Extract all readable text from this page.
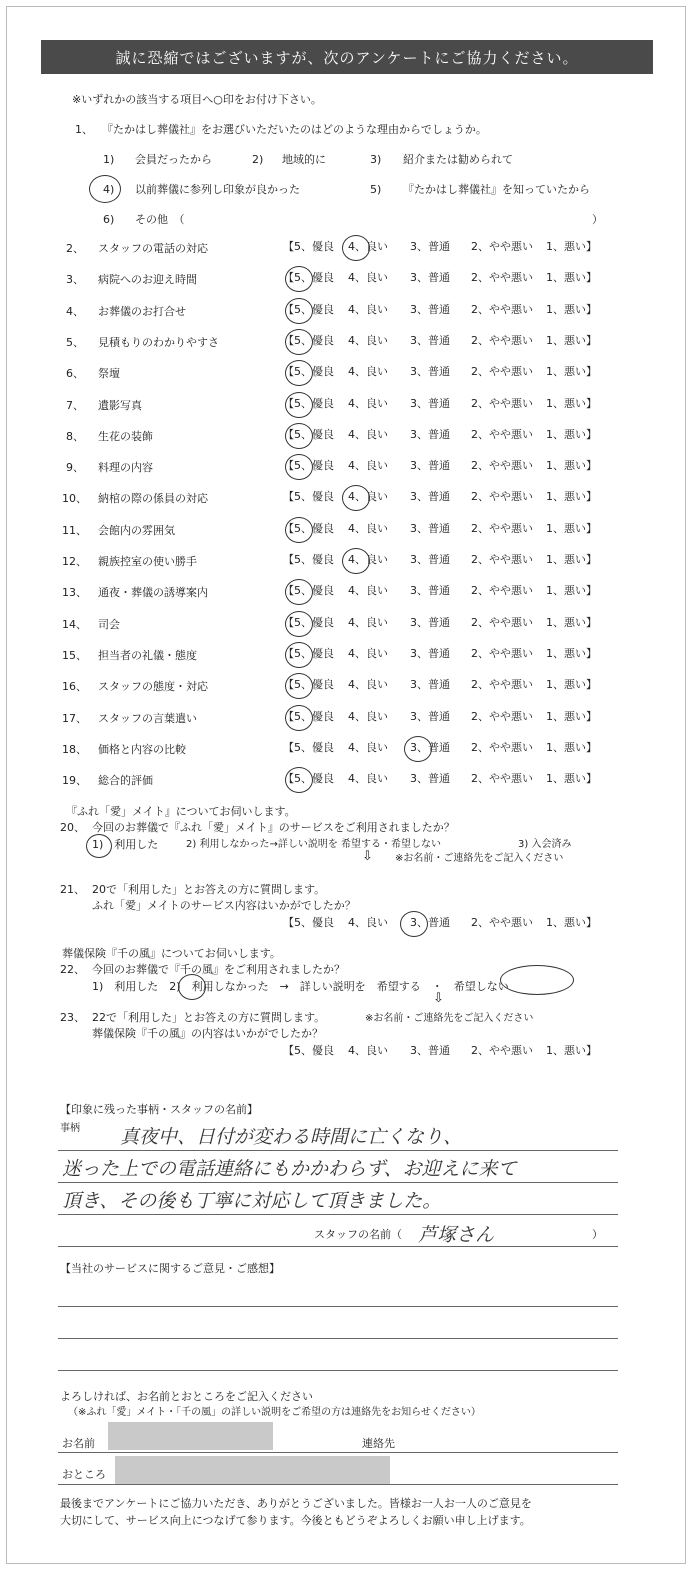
誠に恐縮ではございますが、次のアンケートにご協力ください。
※いずれかの該当する項目へ○印をお付け下さい。
1、 『たかはし葬儀社』をお選びいただいたのはどのような理由からでしょうか。
1) 会員だったから	2) 地域的に	3) 紹介または勧められて
4) 以前葬儀に参列し印象が良かった	5) 『たかはし葬儀社』を知っていたから
6) その他　（	）
2、 スタッフの電話の対応	【5、優良 4、良い 3、普通 2、やや悪い 1、悪い】
3、 病院へのお迎え時間	【5、優良 4、良い 3、普通 2、やや悪い 1、悪い】
4、 お葬儀のお打合せ	【5、優良 4、良い 3、普通 2、やや悪い 1、悪い】
5、 見積もりのわかりやすさ	【5、優良 4、良い 3、普通 2、やや悪い 1、悪い】
6、 祭壇	【5、優良 4、良い 3、普通 2、やや悪い 1、悪い】
7、 遺影写真	【5、優良 4、良い 3、普通 2、やや悪い 1、悪い】
8、 生花の装飾	【5、優良 4、良い 3、普通 2、やや悪い 1、悪い】
9、 料理の内容	【5、優良 4、良い 3、普通 2、やや悪い 1、悪い】
10、 納棺の際の係員の対応	【5、優良 4、良い 3、普通 2、やや悪い 1、悪い】
11、 会館内の雰囲気	【5、優良 4、良い 3、普通 2、やや悪い 1、悪い】
12、 親族控室の使い勝手	【5、優良 4、良い 3、普通 2、やや悪い 1、悪い】
13、 通夜・葬儀の誘導案内	【5、優良 4、良い 3、普通 2、やや悪い 1、悪い】
14、 司会	【5、優良 4、良い 3、普通 2、やや悪い 1、悪い】
15、 担当者の礼儀・態度	【5、優良 4、良い 3、普通 2、やや悪い 1、悪い】
16、 スタッフの態度・対応	【5、優良 4、良い 3、普通 2、やや悪い 1、悪い】
17、 スタッフの言葉遣い	【5、優良 4、良い 3、普通 2、やや悪い 1、悪い】
18、 価格と内容の比較	【5、優良 4、良い 3、普通 2、やや悪い 1、悪い】
19、 総合的評価	【5、優良 4、良い 3、普通 2、やや悪い 1、悪い】
『ふれ「愛」メイト』についてお伺いします。
20、 今回のお葬儀で『ふれ「愛」メイト』のサービスをご利用されましたか？
1)　利用した	2) 利用しなかった→詳しい説明を 希望する・希望しない	3) 入会済み
⇩ ※お名前・ご連絡先をご記入ください
21、 20で「利用した」とお答えの方に質問します。
ふれ「愛」メイトのサービス内容はいかがでしたか？
【5、優良 4、良い 3、普通 2、やや悪い 1、悪い】
葬儀保険『千の風』についてお伺いします。
22、 今回のお葬儀で『千の風』をご利用されましたか？
1)　利用した　2)　利用しなかった　→　詳しい説明を　希望する　・　希望しない
⇩
23、 22で「利用した」とお答えの方に質問します。	※お名前・ご連絡先をご記入ください
葬儀保険『千の風』の内容はいかがでしたか？
【5、優良 4、良い 3、普通 2、やや悪い 1、悪い】
【印象に残った事柄・スタッフの名前】
事柄 真夜中、日付が変わる時間に亡くなり、
迷った上での電話連絡にもかかわらず、お迎えに来て
頂き、その後も丁寧に対応して頂きました。
スタッフの名前（ 芦塚さん	）
【当社のサービスに関するご意見・ご感想】
よろしければ、お名前とおところをご記入ください
（※ふれ「愛」メイト・「千の風」の詳しい説明をご希望の方は連絡先をお知らせください）
お名前	連絡先
おところ
最後までアンケートにご協力いただき、ありがとうございました。皆様お一人お一人のご意見を
大切にして、サービス向上につなげて参ります。今後ともどうぞよろしくお願い申し上げます。
